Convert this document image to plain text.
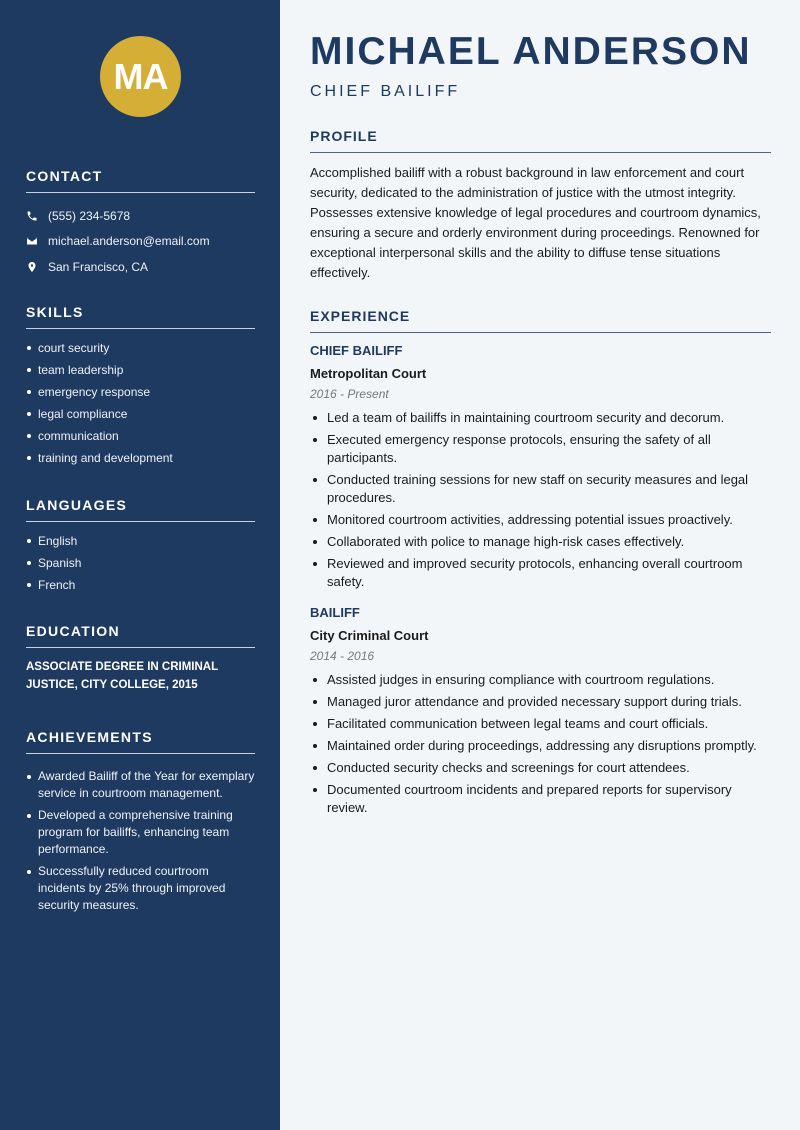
MA
CONTACT
(555) 234-5678
michael.anderson@email.com
San Francisco, CA
SKILLS
court security
team leadership
emergency response
legal compliance
communication
training and development
LANGUAGES
English
Spanish
French
EDUCATION
ASSOCIATE DEGREE IN CRIMINAL JUSTICE, CITY COLLEGE, 2015
ACHIEVEMENTS
Awarded Bailiff of the Year for exemplary service in courtroom management.
Developed a comprehensive training program for bailiffs, enhancing team performance.
Successfully reduced courtroom incidents by 25% through improved security measures.
MICHAEL ANDERSON
CHIEF BAILIFF
PROFILE
Accomplished bailiff with a robust background in law enforcement and court security, dedicated to the administration of justice with the utmost integrity. Possesses extensive knowledge of legal procedures and courtroom dynamics, ensuring a secure and orderly environment during proceedings. Renowned for exceptional interpersonal skills and the ability to diffuse tense situations effectively.
EXPERIENCE
CHIEF BAILIFF
Metropolitan Court
2016 - Present
Led a team of bailiffs in maintaining courtroom security and decorum.
Executed emergency response protocols, ensuring the safety of all participants.
Conducted training sessions for new staff on security measures and legal procedures.
Monitored courtroom activities, addressing potential issues proactively.
Collaborated with police to manage high-risk cases effectively.
Reviewed and improved security protocols, enhancing overall courtroom safety.
BAILIFF
City Criminal Court
2014 - 2016
Assisted judges in ensuring compliance with courtroom regulations.
Managed juror attendance and provided necessary support during trials.
Facilitated communication between legal teams and court officials.
Maintained order during proceedings, addressing any disruptions promptly.
Conducted security checks and screenings for court attendees.
Documented courtroom incidents and prepared reports for supervisory review.
